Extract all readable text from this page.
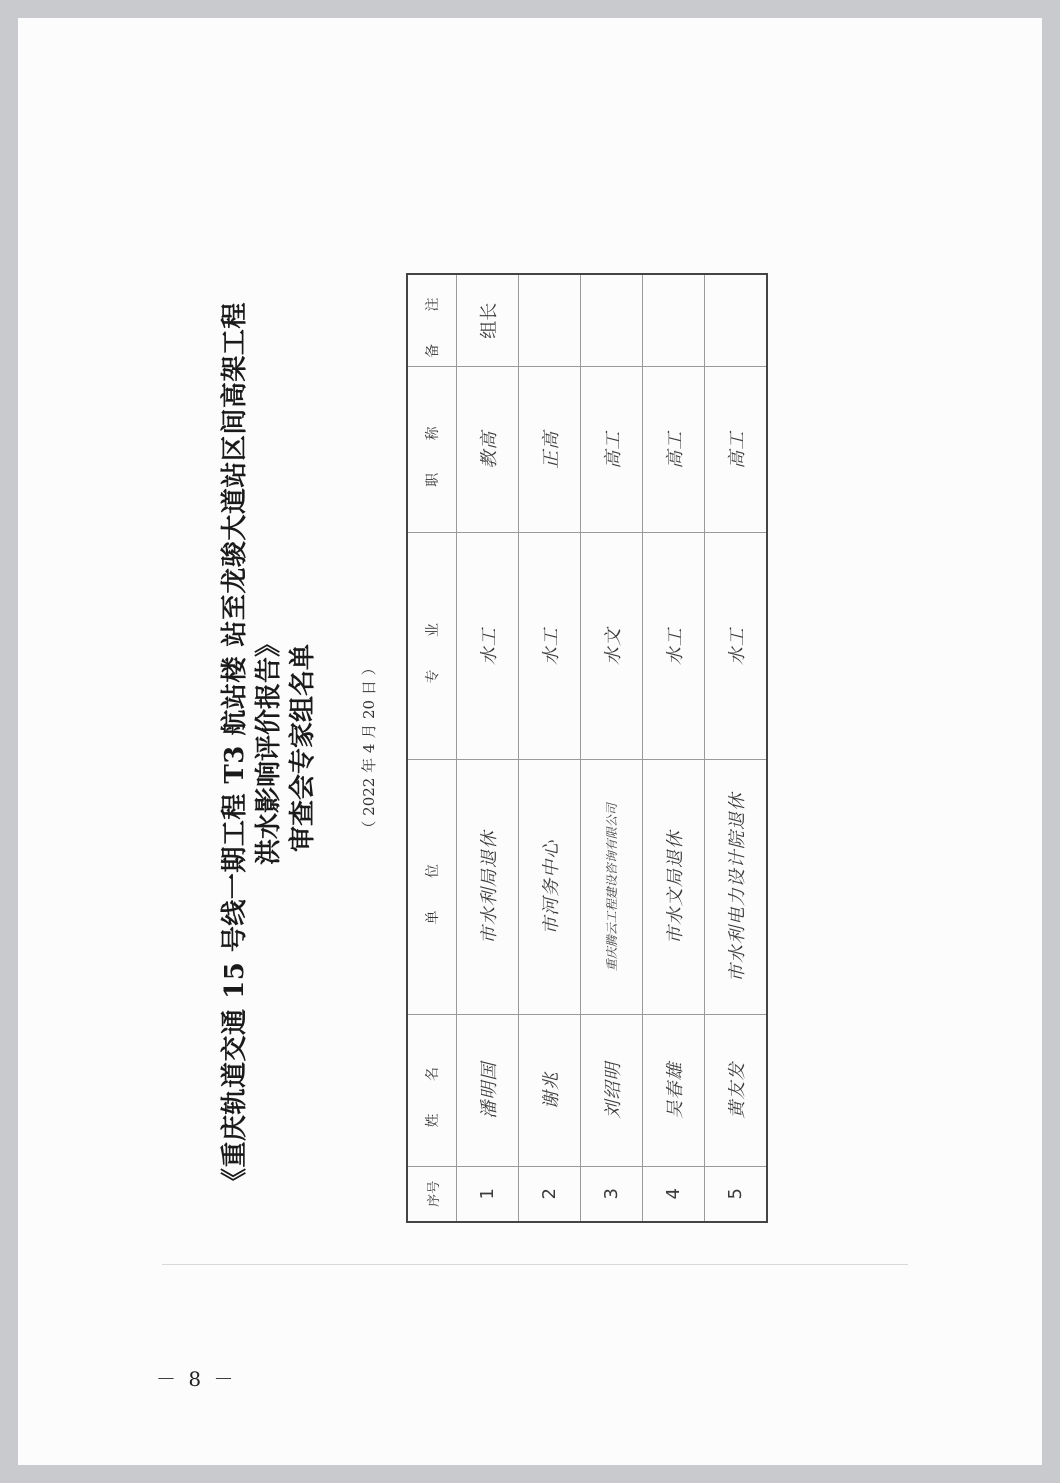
《重庆轨道交通 15 号线一期工程 T3 航站楼 站至龙骏大道站区间高架工程 洪水影响评价报告》 审查会专家组名单	（ 2022 年 4 月 20 日 ）
序号	姓 名	单 位	专 业	职 称	备 注
1	潘明国	市水利局退休	水工	教高	组长
2	谢兆	市河务中心	水工	正高	
3	刘绍明	重庆腾云工程建设咨询有限公司	水文	高工	
4	吴春雄	市水文局退休	水工	高工	
5	黄友发	市水利电力设计院退休	水工	高工	
－ 8 －
